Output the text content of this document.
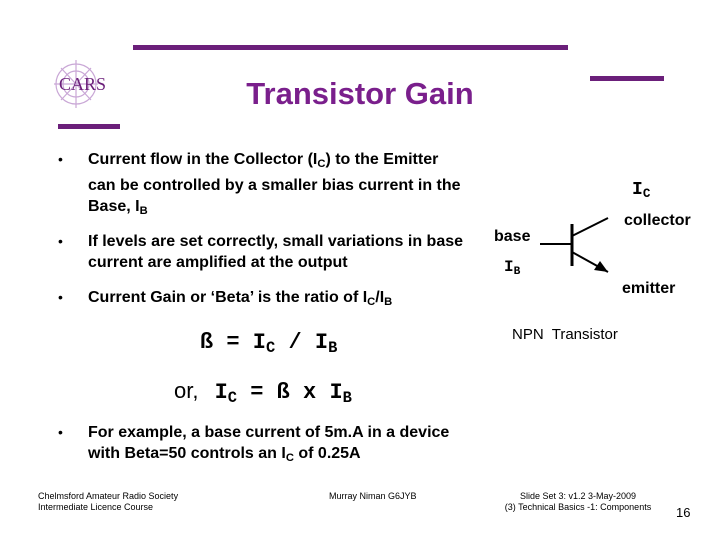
CARS	Transistor Gain
• Current flow in the Collector $(I_C)$ to the Emitter can be controlled by a smaller bias current in the Base, $I_B$
• If levels are set correctly, small variations in base current are amplified at the output
• Current Gain or ‘Beta’ is the ratio of $I_C/I_B$
ß = $I_C / I_B$
or, $I_C$ = ß x $I_B$
• For example, a base current of 5m.A in a device with Beta=50 controls an $I_C$ of 0.25A
$I_C$
collector
base
$I_B$
emitter
NPN  Transistor
Chelmsford Amateur Radio Society
Intermediate Licence Course
Murray Niman G6JYB	Slide Set 3: v1.2 3-May-2009
(3) Technical Basics -1: Components	16
